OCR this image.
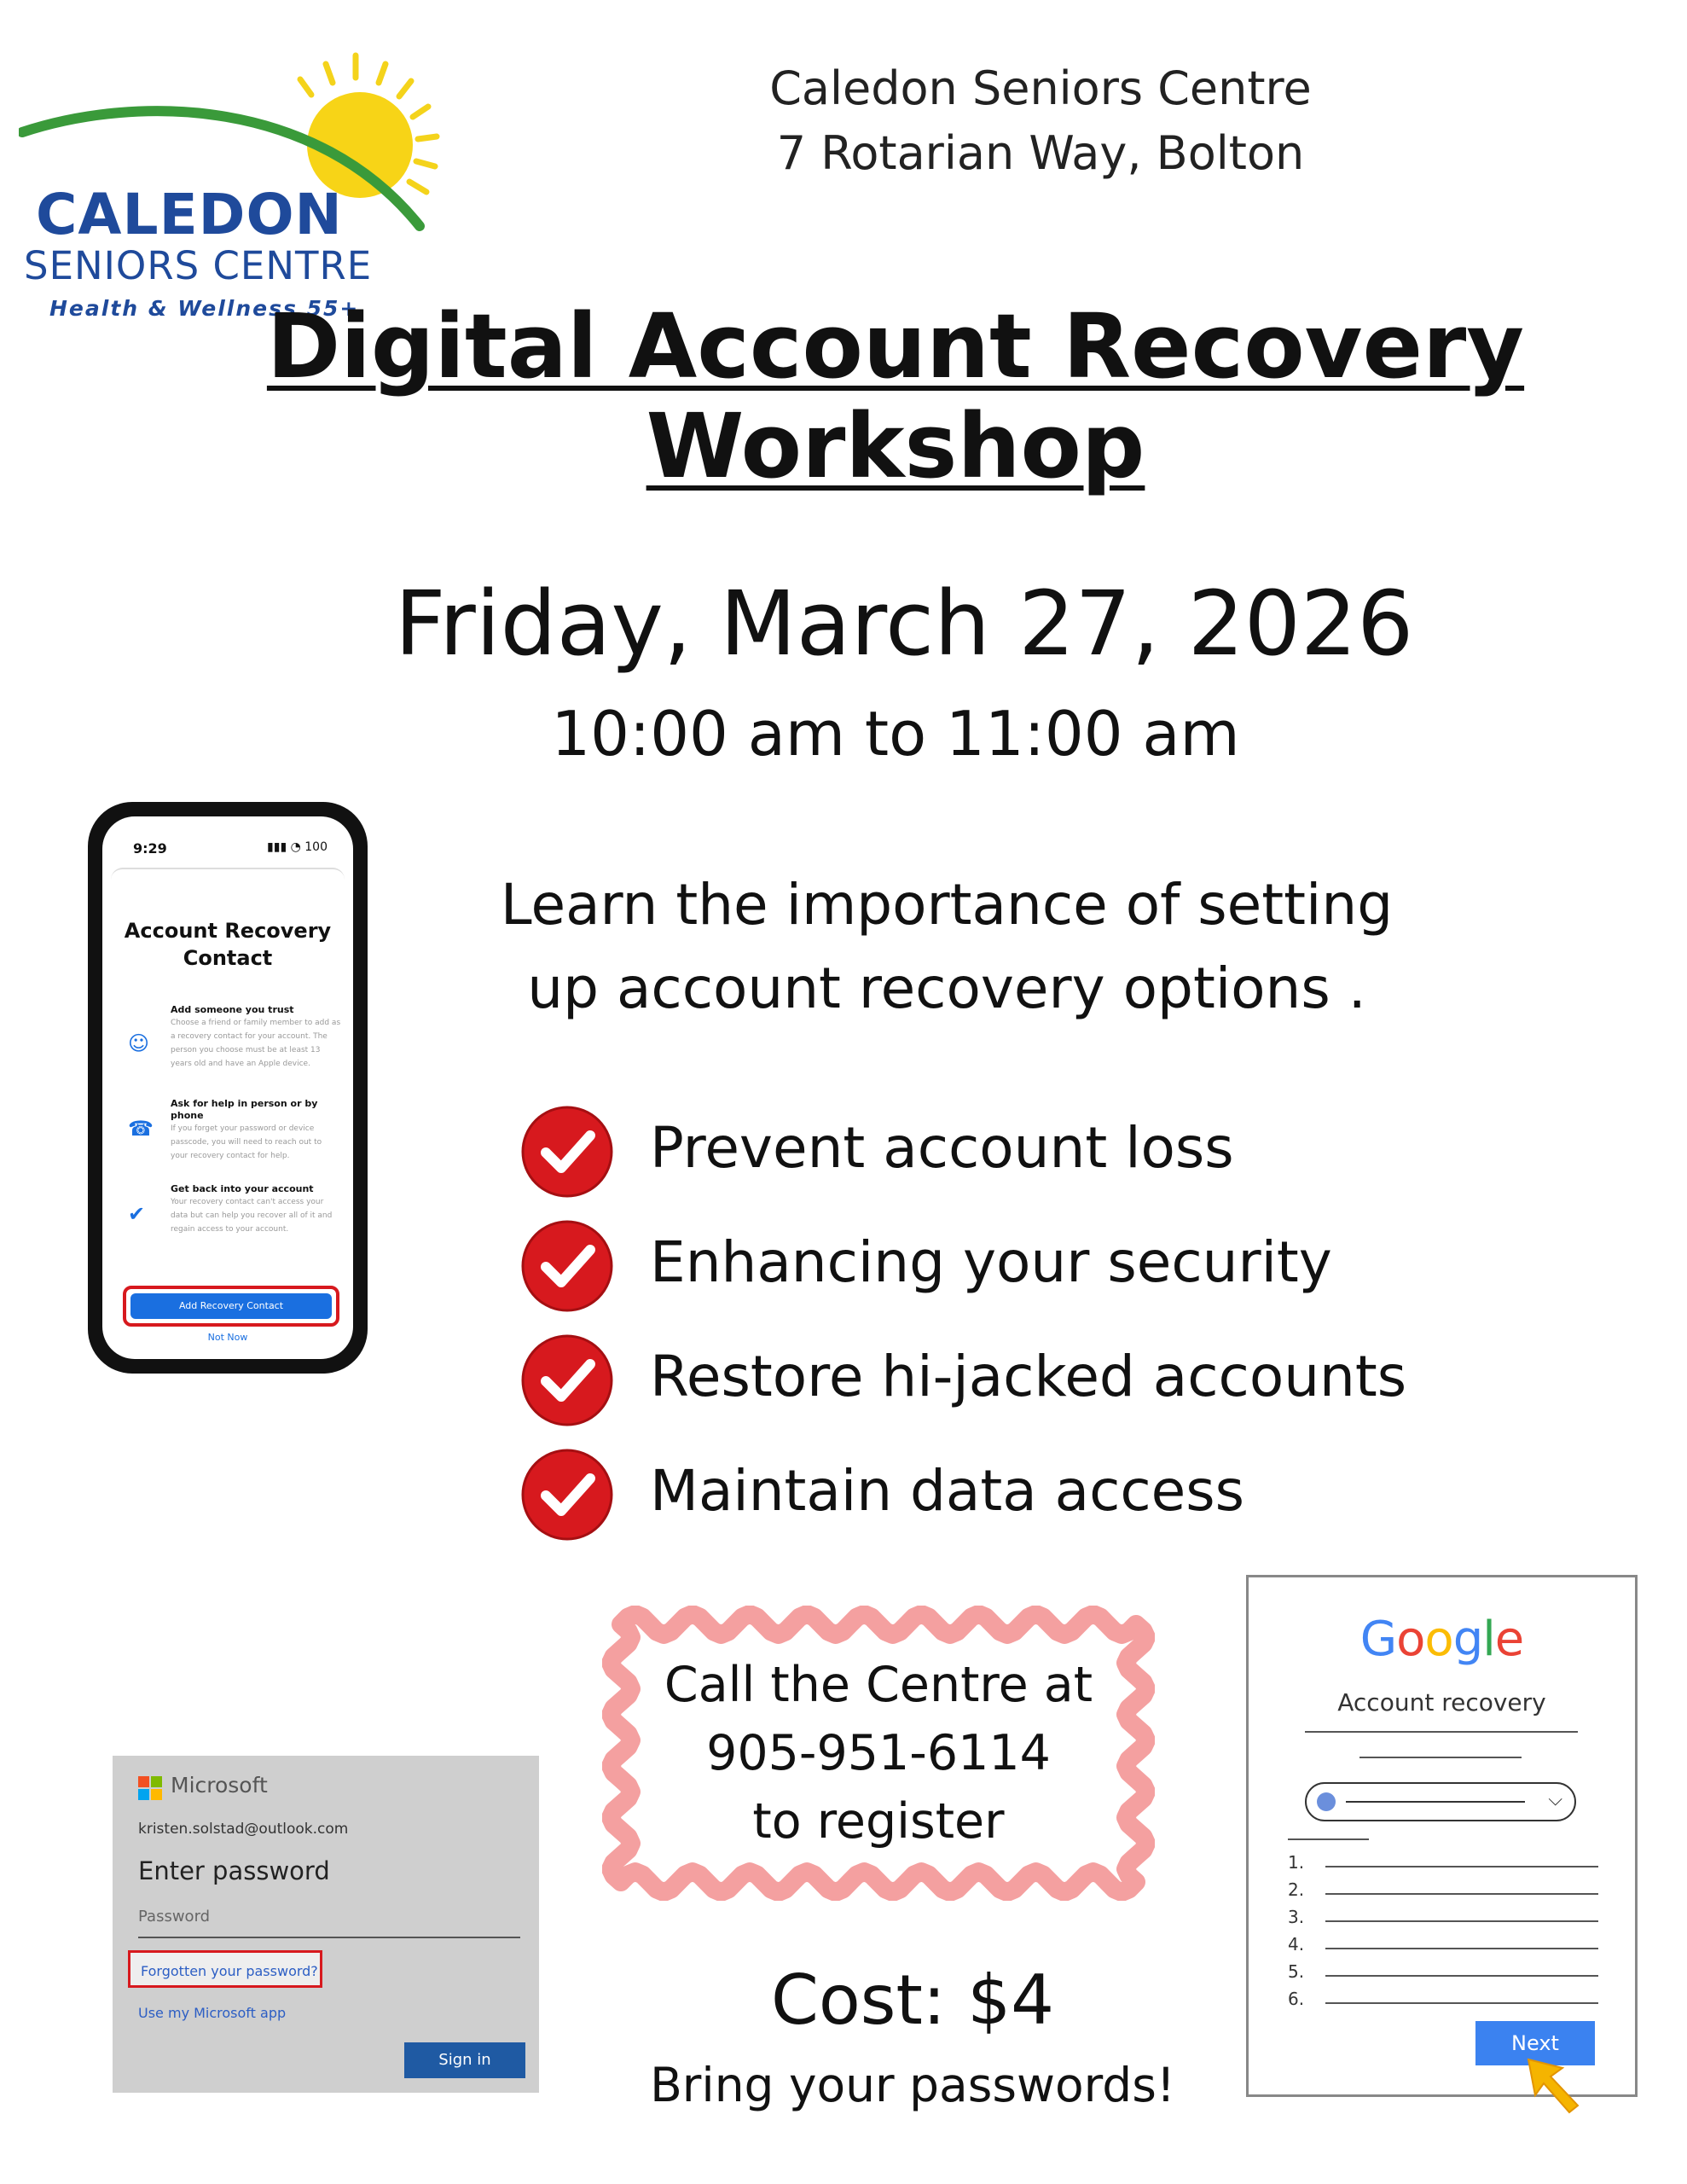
CALEDON
SENIORS CENTRE
Health & Wellness 55+
Caledon Seniors Centre
7 Rotarian Way, Bolton
Digital Account Recovery
Workshop
Friday, March 27, 2026
10:00 am to 11:00 am
Learn the importance of setting
up account recovery options .
Prevent account loss
Enhancing your security
Restore hi-jacked accounts
Maintain data access
9:29	▮▮▮ ◔ 100
Account Recovery
Contact
☺
Add someone you trust
Choose a friend or family member to add as a recovery contact for your account. The person you choose must be at least 13 years old and have an Apple device.
☎
Ask for help in person or by phone
If you forget your password or device passcode, you will need to reach out to your recovery contact for help.
✔
Get back into your account
Your recovery contact can't access your data but can help you recover all of it and regain access to your account.
Add Recovery Contact
Not Now
Microsoft
kristen.solstad@outlook.com
Enter password
Password
Forgotten your password?
Use my Microsoft app
Sign in
Call the Centre at
905-951-6114
to register
Cost: $4
Bring your passwords!
Google
Account recovery
⌵
1.
2.
3.
4.
5.
6.
Next
